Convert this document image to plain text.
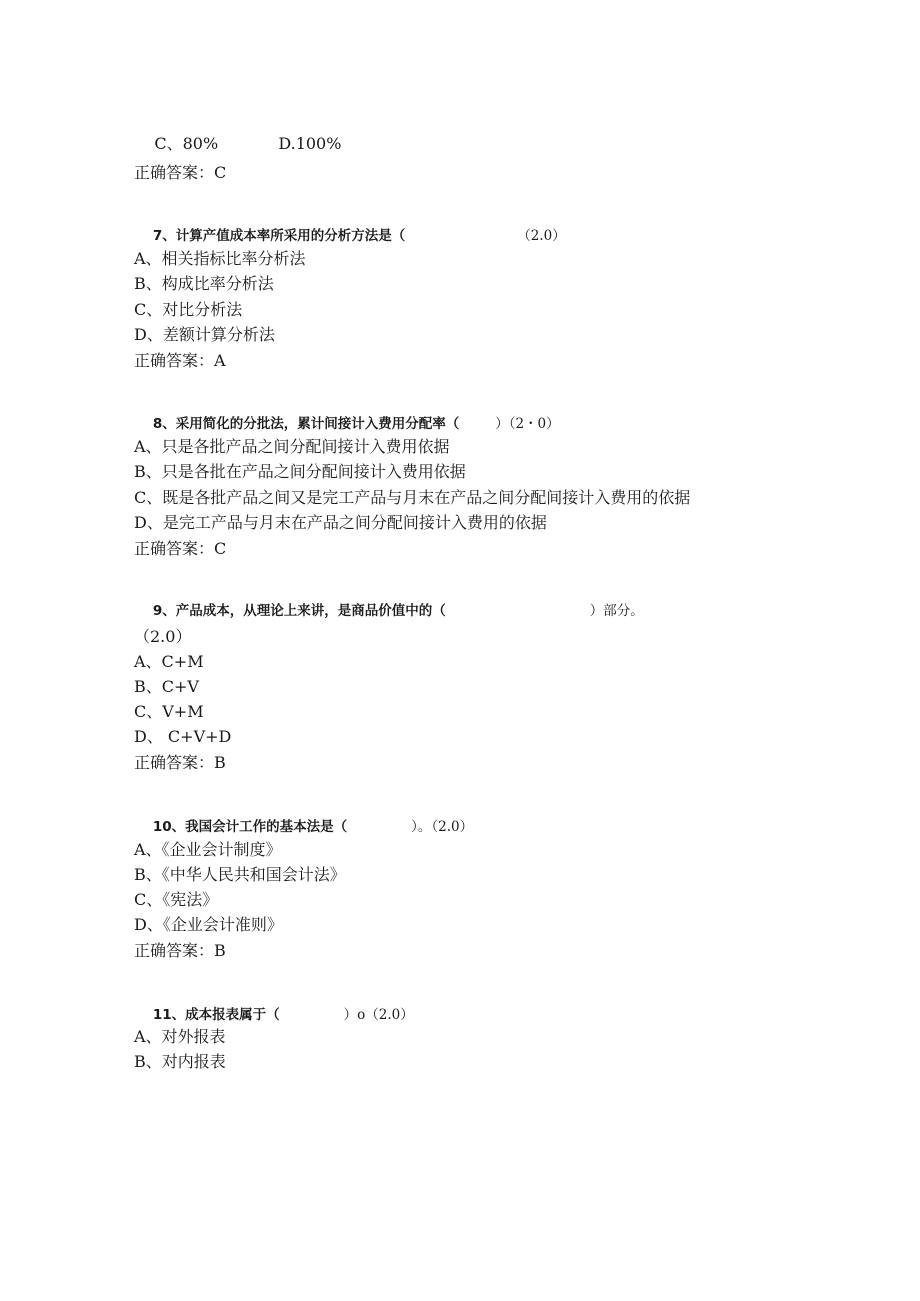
C、80%	D.100%

正确答案：C

7、计算产值成本率所采用的分析方法是（	（2.0）

A、相关指标比率分析法
B、构成比率分析法
C、对比分析法
D、差额计算分析法
正确答案：A

8、采用简化的分批法，累计间接计入费用分配率（	）（2・0）

A、只是各批产品之间分配间接计入费用依据
B、只是各批在产品之间分配间接计入费用依据
C、既是各批产品之间又是完工产品与月末在产品之间分配间接计入费用的依据
D、是完工产品与月末在产品之间分配间接计入费用的依据
正确答案：C

9、产品成本，从理论上来讲，是商品价值中的（	）部分。

（2.0）
A、C+M
B、C+V
C、V+M
D、 C+V+D
正确答案：B

10、我国会计工作的基本法是（	）。（2.0）

A、《企业会计制度》
B、《中华人民共和国会计法》
C、《宪法》
D、《企业会计准则》
正确答案：B

11、成本报表属于（	）o（2.0）

A、对外报表
B、对内报表
